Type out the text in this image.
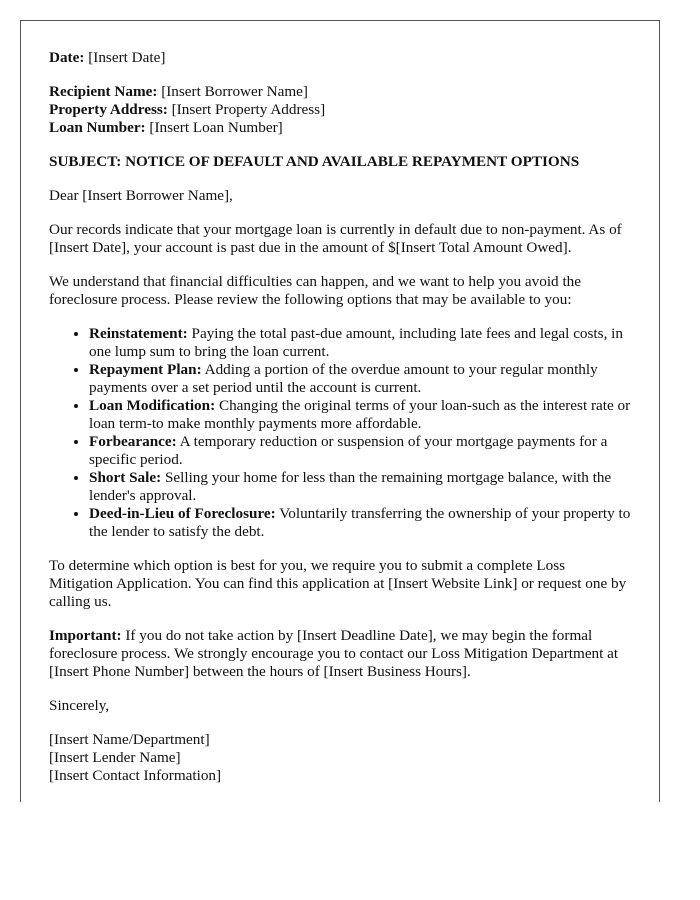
Date: [Insert Date]

Recipient Name: [Insert Borrower Name]
Property Address: [Insert Property Address]
Loan Number: [Insert Loan Number]

SUBJECT: NOTICE OF DEFAULT AND AVAILABLE REPAYMENT OPTIONS

Dear [Insert Borrower Name],

Our records indicate that your mortgage loan is currently in default due to non-payment. As of [Insert Date], your account is past due in the amount of $[Insert Total Amount Owed].

We understand that financial difficulties can happen, and we want to help you avoid the foreclosure process. Please review the following options that may be available to you:

• Reinstatement: Paying the total past-due amount, including late fees and legal costs, in one lump sum to bring the loan current.
• Repayment Plan: Adding a portion of the overdue amount to your regular monthly payments over a set period until the account is current.
• Loan Modification: Changing the original terms of your loan-such as the interest rate or loan term-to make monthly payments more affordable.
• Forbearance: A temporary reduction or suspension of your mortgage payments for a specific period.
• Short Sale: Selling your home for less than the remaining mortgage balance, with the lender's approval.
• Deed-in-Lieu of Foreclosure: Voluntarily transferring the ownership of your property to the lender to satisfy the debt.

To determine which option is best for you, we require you to submit a complete Loss Mitigation Application. You can find this application at [Insert Website Link] or request one by calling us.

Important: If you do not take action by [Insert Deadline Date], we may begin the formal foreclosure process. We strongly encourage you to contact our Loss Mitigation Department at [Insert Phone Number] between the hours of [Insert Business Hours].

Sincerely,

[Insert Name/Department]
[Insert Lender Name]
[Insert Contact Information]
